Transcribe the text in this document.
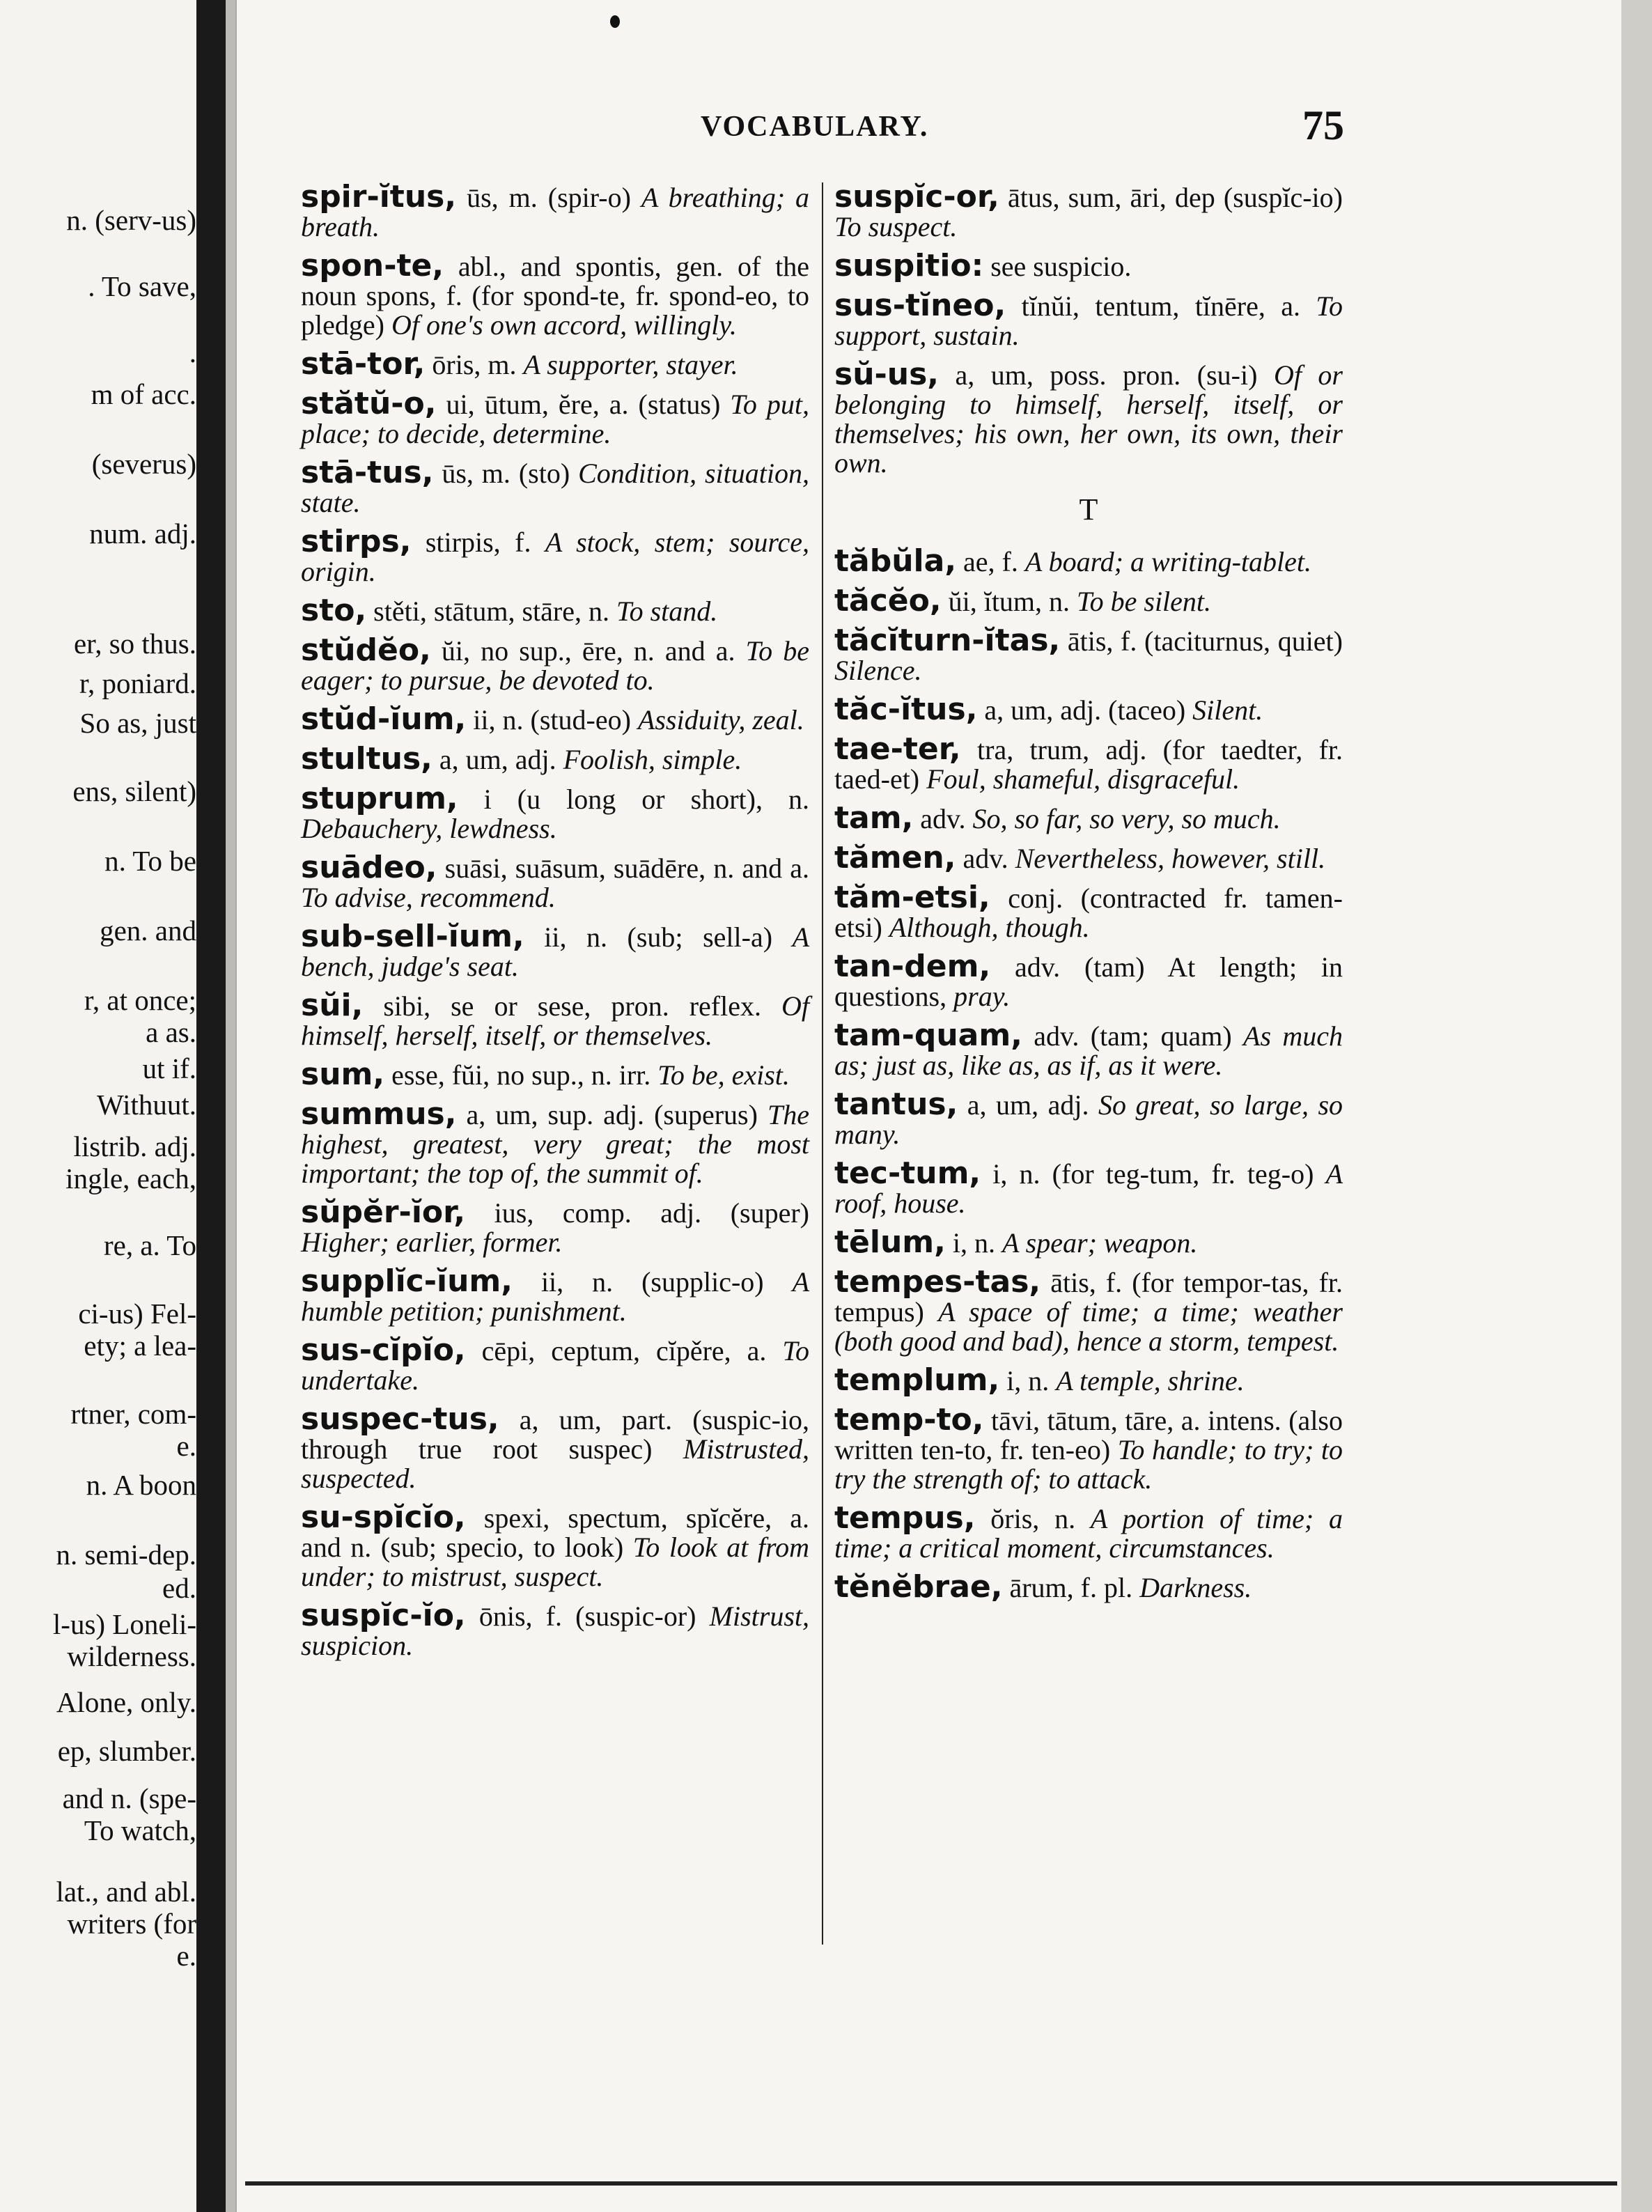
n. (serv-us)
. To save,
.
m of acc.
(severus)
num. adj.
er, so thus.
r, poniard.
So as, just
ens, silent)
n. To be
gen. and
r, at once;
a as.
ut if.
Withuut.
listrib. adj.
ingle, each,
re, a. To
ci-us) Fel-
ety; a lea-
rtner, com-
e.
n. A boon
n. semi-dep.
ed.
l-us) Loneli-
wilderness.
Alone, only.
ep, slumber.
and n. (spe-
To watch,
lat., and abl.
writers (for
e.
VOCABULARY.	75
spir-ĭtus, ūs, m. (spir-o) A breathing; a breath.
spon-te, abl., and spontis, gen. of the noun spons, f. (for spond-te, fr. spond-eo, to pledge) Of one's own accord, willingly.
stā-tor, ōris, m. A supporter, stayer.
stătŭ-o, ui, ūtum, ĕre, a. (status) To put, place; to decide, determine.
stā-tus, ūs, m. (sto) Condition, situation, state.
stirps, stirpis, f. A stock, stem; source, origin.
sto, stěti, stātum, stāre, n. To stand.
stŭdĕo, ŭi, no sup., ēre, n. and a. To be eager; to pursue, be devoted to.
stŭd-ĭum, ii, n. (stud-eo) Assiduity, zeal.
stultus, a, um, adj. Foolish, simple.
stuprum, i (u long or short), n. Debauchery, lewdness.
suādeo, suāsi, suāsum, suādēre, n. and a. To advise, recommend.
sub-sell-ĭum, ii, n. (sub; sell-a) A bench, judge's seat.
sŭi, sibi, se or sese, pron. reflex. Of himself, herself, itself, or themselves.
sum, esse, fŭi, no sup., n. irr. To be, exist.
summus, a, um, sup. adj. (superus) The highest, greatest, very great; the most important; the top of, the summit of.
sŭpĕr-ĭor, ius, comp. adj. (super) Higher; earlier, former.
supplĭc-ĭum, ii, n. (supplic-o) A humble petition; punishment.
sus-cĭpĭo, cēpi, ceptum, cĭpěre, a. To undertake.
suspec-tus, a, um, part. (suspic-io, through true root suspec) Mistrusted, suspected.
su-spĭcĭo, spexi, spectum, spĭcĕre, a. and n. (sub; specio, to look) To look at from under; to mistrust, suspect.
suspĭc-ĭo, ōnis, f. (suspic-or) Mistrust, suspicion.
suspĭc-or, ātus, sum, āri, dep (suspĭc-io) To suspect.
suspitio: see suspicio.
sus-tĭneo, tĭnŭi, tentum, tĭnēre, a. To support, sustain.
sŭ-us, a, um, poss. pron. (su-i) Of or belonging to himself, herself, itself, or themselves; his own, her own, its own, their own.
T
tăbŭla, ae, f. A board; a writing-tablet.
tăcĕo, ŭi, ĭtum, n. To be silent.
tăcĭturn-ĭtas, ātis, f. (taciturnus, quiet) Silence.
tăc-ĭtus, a, um, adj. (taceo) Silent.
tae-ter, tra, trum, adj. (for taedter, fr. taed-et) Foul, shameful, disgraceful.
tam, adv. So, so far, so very, so much.
tămen, adv. Nevertheless, however, still.
tăm-etsi, conj. (contracted fr. tamen-etsi) Although, though.
tan-dem, adv. (tam) At length; in questions, pray.
tam-quam, adv. (tam; quam) As much as; just as, like as, as if, as it were.
tantus, a, um, adj. So great, so large, so many.
tec-tum, i, n. (for teg-tum, fr. teg-o) A roof, house.
tēlum, i, n. A spear; weapon.
tempes-tas, ātis, f. (for tempor-tas, fr. tempus) A space of time; a time; weather (both good and bad), hence a storm, tempest.
templum, i, n. A temple, shrine.
temp-to, tāvi, tātum, tāre, a. intens. (also written ten-to, fr. ten-eo) To handle; to try; to try the strength of; to attack.
tempus, ŏris, n. A portion of time; a time; a critical moment, circumstances.
tĕnĕbrae, ārum, f. pl. Darkness.
